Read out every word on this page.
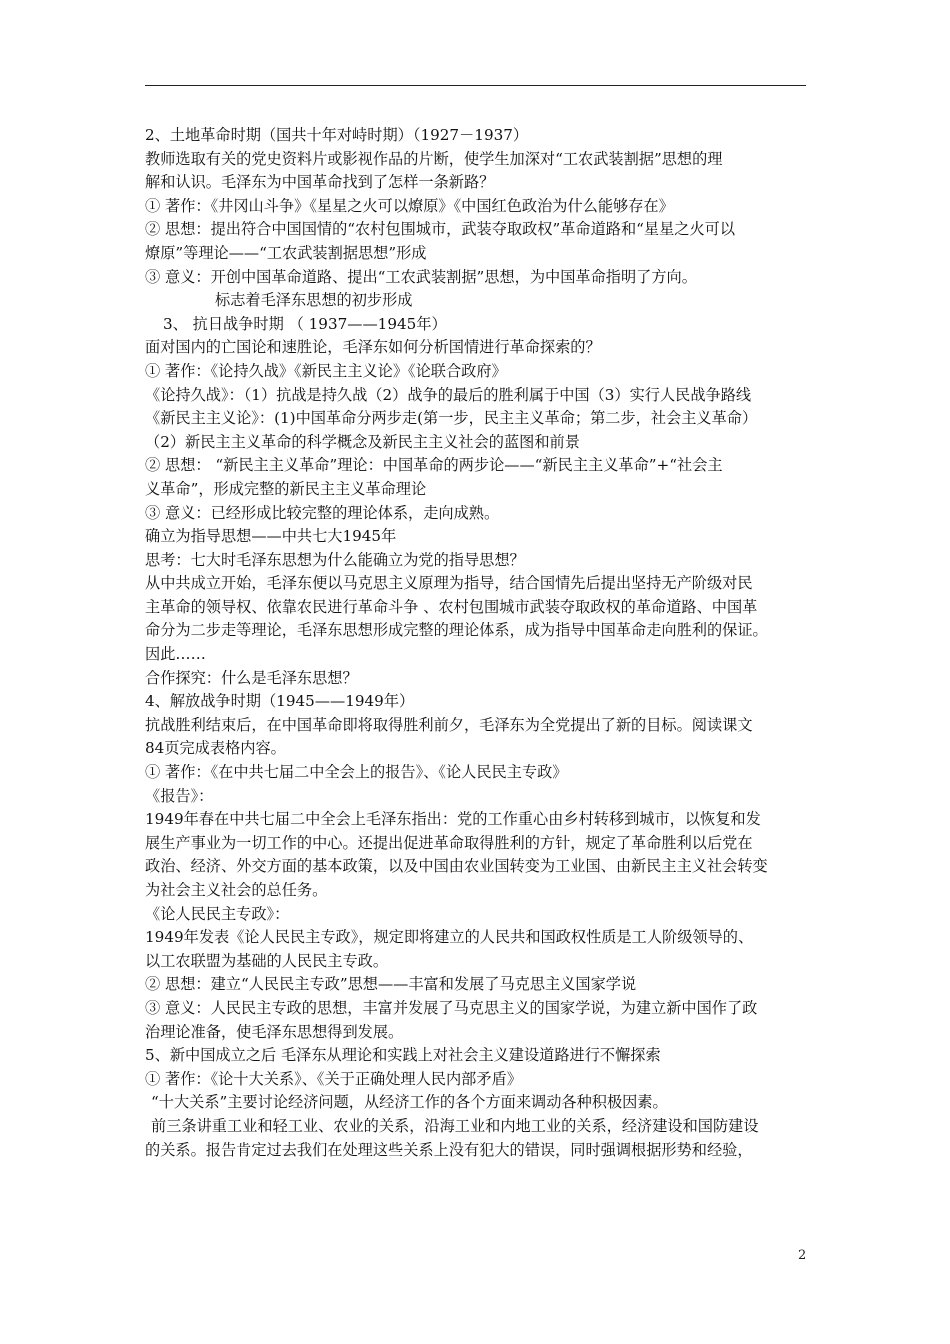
2、土地革命时期（国共十年对峙时期）（1927－1937）
教师选取有关的党史资料片或影视作品的片断，使学生加深对“工农武装割据”思想的理
解和认识。毛泽东为中国革命找到了怎样一条新路？
① 著作：《井冈山斗争》《星星之火可以燎原》《中国红色政治为什么能够存在》
② 思想：提出符合中国国情的“农村包围城市，武装夺取政权”革命道路和“星星之火可以
燎原”等理论——“工农武装割据思想”形成
③ 意义：开创中国革命道路、提出“工农武装割据”思想，为中国革命指明了方向。
标志着毛泽东思想的初步形成
3、 抗日战争时期 （ 1937——1945年）
面对国内的亡国论和速胜论，毛泽东如何分析国情进行革命探索的？
① 著作：《论持久战》《新民主主义论》《论联合政府》
《论持久战》：（1）抗战是持久战（2）战争的最后的胜利属于中国（3）实行人民战争路线
《新民主主义论》：(1)中国革命分两步走(第一步，民主主义革命；第二步，社会主义革命）
（2）新民主主义革命的科学概念及新民主主义社会的蓝图和前景
② 思想： “新民主主义革命”理论：中国革命的两步论——“新民主主义革命”+“社会主
义革命”，形成完整的新民主主义革命理论
③ 意义：已经形成比较完整的理论体系，走向成熟。
确立为指导思想——中共七大1945年
思考：七大时毛泽东思想为什么能确立为党的指导思想？
从中共成立开始，毛泽东便以马克思主义原理为指导，结合国情先后提出坚持无产阶级对民
主革命的领导权、依靠农民进行革命斗争 、农村包围城市武装夺取政权的革命道路、中国革
命分为二步走等理论，毛泽东思想形成完整的理论体系，成为指导中国革命走向胜利的保证。
因此……
合作探究：什么是毛泽东思想？
4、解放战争时期（1945——1949年）
抗战胜利结束后，在中国革命即将取得胜利前夕，毛泽东为全党提出了新的目标。阅读课文
84页完成表格内容。
① 著作：《在中共七届二中全会上的报告》、《论人民民主专政》
《报告》：
1949年春在中共七届二中全会上毛泽东指出：党的工作重心由乡村转移到城市，以恢复和发
展生产事业为一切工作的中心。还提出促进革命取得胜利的方针，规定了革命胜利以后党在
政治、经济、外交方面的基本政策，以及中国由农业国转变为工业国、由新民主主义社会转变
为社会主义社会的总任务。
《论人民民主专政》：
1949年发表《论人民民主专政》，规定即将建立的人民共和国政权性质是工人阶级领导的、
以工农联盟为基础的人民民主专政。
② 思想：建立“人民民主专政”思想——丰富和发展了马克思主义国家学说
③ 意义：人民民主专政的思想，丰富并发展了马克思主义的国家学说，为建立新中国作了政
治理论准备，使毛泽东思想得到发展。
5、新中国成立之后 毛泽东从理论和实践上对社会主义建设道路进行不懈探索
① 著作：《论十大关系》、《关于正确处理人民内部矛盾》
“十大关系”主要讨论经济问题，从经济工作的各个方面来调动各种积极因素。
前三条讲重工业和轻工业、农业的关系，沿海工业和内地工业的关系，经济建设和国防建设
的关系。报告肯定过去我们在处理这些关系上没有犯大的错误，同时强调根据形势和经验，
2
